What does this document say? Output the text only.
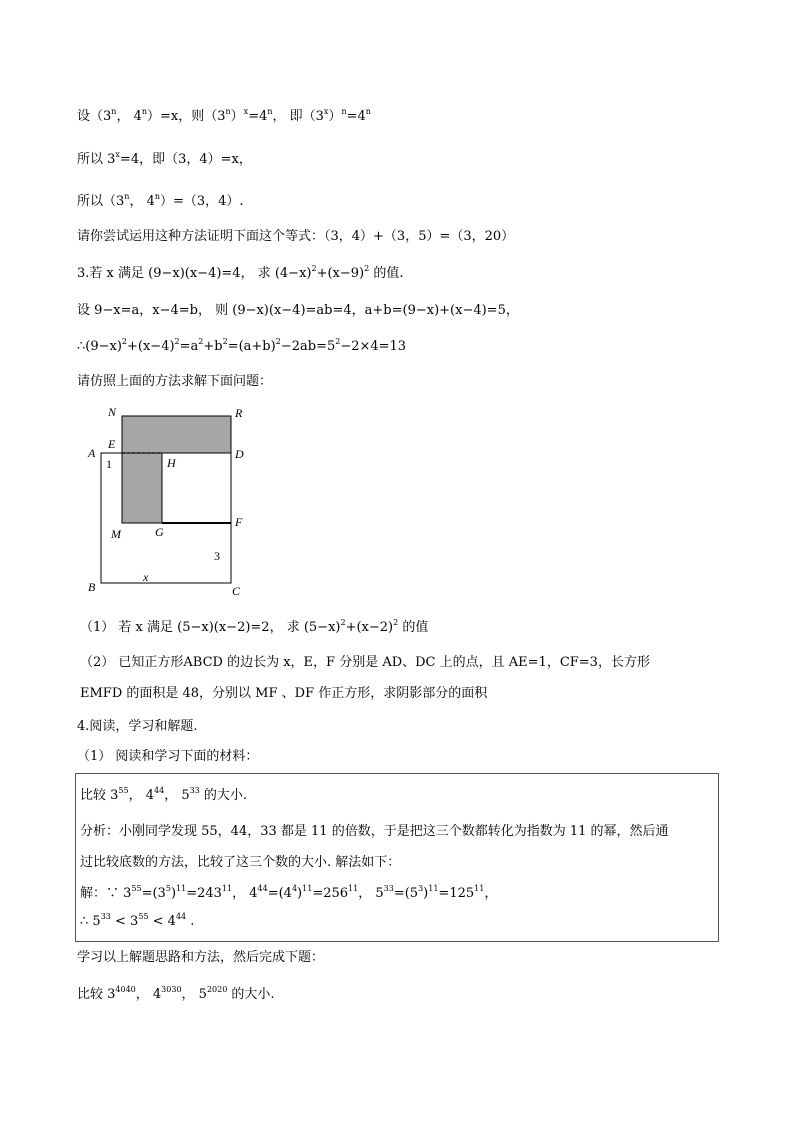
设（3$^n$， $4^n)=x$，则$(3^n)^x=4^n$， 即$(3^x)^n=4^n$
所以 $3^x=4$，即（3，4）=x，
所以（3$^n$， $4^n)=(3$，4）.
请你尝试运用这种方法证明下面这个等式：（3，4）+（3，5）=（3，20）
3.若 x 满足 (9−x)(x−4)=4， 求 $(4-x)^2+(x-9)^2$ 的值.
设 9−x=a，x−4=b， 则 (9−x)(x−4)=ab=4，a+b=(9−x)+(x−4)=5，
$\therefore(9-x)^2+(x-4)^2=a^2+b^2=(a+b)^2-2ab=5^2-2\times 4=13$
请仿照上面的方法求解下面问题：
N	R
E
A	D
1	H
F
M	G
3
B
x
C
（1） 若 x 满足 (5−x)(x−2)=2， 求 $(5-x)^2+(x-2)^2$ 的值
（2） 已知正方形ABCD 的边长为 x，E，F 分别是 AD、DC 上的点，且 AE=1，CF=3，长方形
EMFD 的面积是 48，分别以 MF 、DF 作正方形，求阴影部分的面积
4.阅读，学习和解题.
（1） 阅读和学习下面的材料：
比较 $3^{55}$， $4^{44}$， $5^{33}$ 的大小.
分析：小刚同学发现 55，44，33 都是 11 的倍数，于是把这三个数都转化为指数为 11 的幂，然后通
过比较底数的方法，比较了这三个数的大小. 解法如下：
解：∵ $3^{55}=(3^5)^{11}=243^{11}$， $4^{44}=(4^4)^{11}=256^{11}$， $5^{33}=(5^3)^{11}=125^{11}$，
∴ $5^{33} < 3^{55} < 4^{44}$ .
学习以上解题思路和方法，然后完成下题：
比较 $3^{4040}$， $4^{3030}$， $5^{2020}$ 的大小.
